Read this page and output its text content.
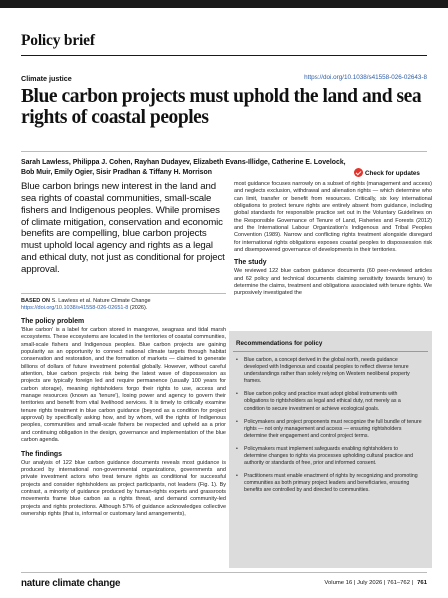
Policy brief
Climate justice	https://doi.org/10.1038/s41558-026-02643-8
Blue carbon projects must uphold the land and sea rights of coastal peoples
Sarah Lawless, Philippa J. Cohen, Rayhan Dudayev, Elizabeth Evans-Illidge, Catherine E. Lovelock, Bob Muir, Emily Ogier, Sisir Pradhan & Tiffany H. Morrison	Check for updates
Blue carbon brings new interest in the land and sea rights of coastal communities, small-scale fishers and Indigenous peoples. While promises of climate mitigation, conservation and economic benefits are compelling, blue carbon projects must uphold local agency and rights as a legal and ethical duty, not just as conditional for project approval.
BASED ON S. Lawless et al. Nature Climate Change https://doi.org/10.1038/s41558-026-02651-8 (2026).
The policy problem
'Blue carbon' is a label for carbon stored in mangrove, seagrass and tidal marsh ecosystems. These ecosystems are located in the territories of coastal communities, small-scale fishers and Indigenous peoples. Blue carbon projects are gaining popularity as an opportunity to connect national climate targets through habitat conservation and restoration, and the formation of markets — claimed to generate billions of dollars of future investment potential globally. However, without careful attention, blue carbon projects risk being the latest wave of dispossession as projects are typically foreign led and require permanence (usually 100 years for carbon storage), meaning rightsholders forgo their rights to use, access and manage resources (known as 'tenure'), losing power and agency to govern their territories and benefit from vital livelihood services. It is timely to critically examine tenure rights treatment in blue carbon guidance (beyond as a condition for project approval) by specifically asking how, and by whom, will the rights of Indigenous peoples, communities and small-scale fishers be respected and upheld as a prior and continuing obligation in the design, governance and implementation of the blue carbon agenda.
The findings
Our analysis of 122 blue carbon guidance documents reveals most guidance is produced by international non-governmental organizations, governments and private investment actors who treat tenure rights as conditional for successful projects and consider rightsholders as project participants, not leaders (Fig. 1). By contrast, a minority of guidance produced by human-rights experts and grassroots movements frame blue carbon as a rights threat, and demand community-led projects and rights protections. Although 57% of guidance acknowledges collective ownership rights (that is, informal or customary land arrangements),
most guidance focuses narrowly on a subset of rights (management and access) and neglects exclusion, withdrawal and alienation rights — which determine who can limit, transfer or benefit from resources. Critically, six key international obligations to protect tenure rights are entirely absent from guidance, including global standards for responsible practice set out in the Voluntary Guidelines on the Responsible Governance of Tenure of Land, Fisheries and Forests (2012) and the International Labour Organization's Indigenous and Tribal Peoples Convention (1989). Narrow and conflicting rights treatment alongside disregard for international rights obligations exposes coastal peoples to dispossession risk and disempowered governance of developments in their territories.
The study
We reviewed 122 blue carbon guidance documents (60 peer-reviewed articles and 62 policy and technical documents claiming sensitivity towards tenure) to determine the claims, treatment and obligations associated with tenure rights. We purposively investigated the
Recommendations for policy
• Blue carbon, a concept derived in the global north, needs guidance developed with Indigenous and coastal peoples to reflect diverse tenure understandings rather than solely relying on Western neoliberal property frames.
• Blue carbon policy and practice must adopt global instruments with obligations to rightsholders as legal and ethical duty, not merely as a condition to secure investment or achieve ecological goals.
• Policymakers and project proponents must recognize the full bundle of tenure rights — not only management and access — ensuring rightsholders determine their engagement and control project terms.
• Policymakers must implement safeguards enabling rightsholders to determine changes to rights via processes upholding cultural practice and authority or standards of free, prior and informed consent.
• Practitioners must enable enactment of rights by recognizing and promoting communities as both primary project leaders and beneficiaries, ensuring benefits are controlled by and directed to communities.
nature climate change	Volume 16 | July 2026 | 761–762 | 761
